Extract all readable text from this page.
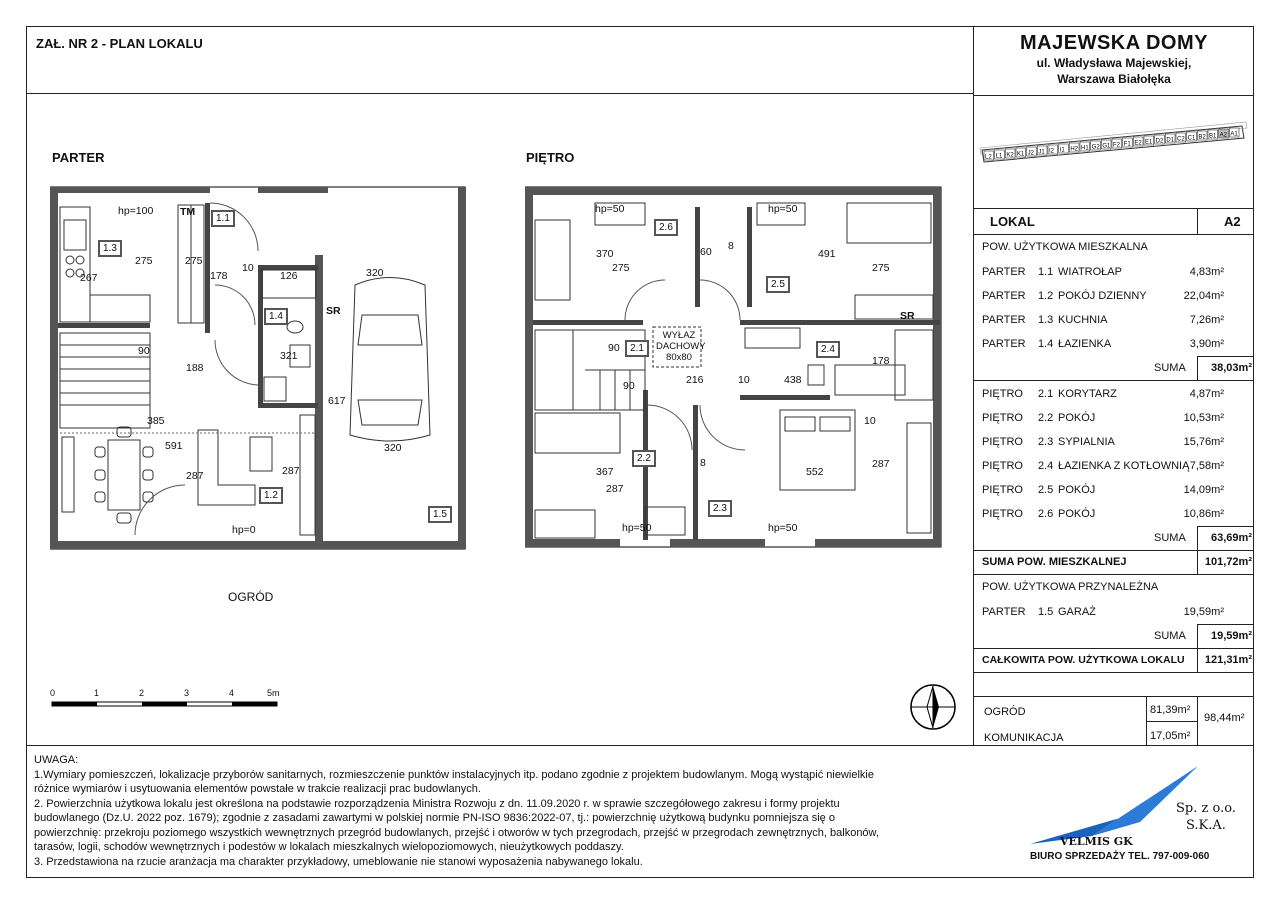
ZAŁ. NR 2 - PLAN LOKALU	MAJEWSKA DOMY
ul. Władysława Majewskiej,
Warszawa Białołęka
L2 L1 K2 K1 J2 J1 I2 I1 H2 H1 G2 G1 F2 F1 E2 E1 D2 D1 C2 C1 B2 B1 A2 A1
PARTER	PIĘTRO
hp=100	TM
267
275	275
178
10
126
90
188
321
385
591
287	287
617
320
320
SR
hp=0
1.1
1.2
1.3
1.4
1.5
OGRÓD
370
275
60 8
491
275
90
90	216	10	438
178
10
367
287
8
552
287
SR
hp=50	hp=50
hp=50	hp=50
WYŁAZ
DACHOWY
80x80
2.1
2.2
2.3
2.4
2.5
2.6
0	1	2	3	4	5m
LOKAL	A2
POW. UŻYTKOWA MIESZKALNA
PARTER	1.1 WIATROŁAP	4,83m²
PARTER	1.2 POKÓJ DZIENNY	22,04m²
PARTER	1.3 KUCHNIA	7,26m²
PARTER	1.4 ŁAZIENKA	3,90m²
SUMA 38,03m²
PIĘTRO	2.1 KORYTARZ	4,87m²
PIĘTRO	2.2 POKÓJ	10,53m²
PIĘTRO	2.3 SYPIALNIA	15,76m²
PIĘTRO	2.4 ŁAZIENKA Z KOTŁOWNIĄ 7,58m²
PIĘTRO	2.5 POKÓJ	14,09m²
PIĘTRO	2.6 POKÓJ	10,86m²
SUMA 63,69m²
SUMA POW. MIESZKALNEJ	101,72m²
POW. UŻYTKOWA PRZYNALEŻNA
PARTER	1.5 GARAŻ	19,59m²
SUMA 19,59m²
CAŁKOWITA POW. UŻYTKOWA LOKALU 121,31m²
OGRÓD	81,39m²
KOMUNIKACJA	17,05m²
98,44m²
UWAGA:
1.Wymiary pomieszczeń, lokalizacje przyborów sanitarnych, rozmieszczenie punktów instalacyjnych itp. podano zgodnie z projektem budowlanym. Mogą wystąpić niewielkie
różnice wymiarów i usytuowania elementów powstałe w trakcie realizacji prac budowlanych.
2. Powierzchnia użytkowa lokalu jest określona na podstawie rozporządzenia Ministra Rozwoju z dn. 11.09.2020 r. w sprawie szczegółowego zakresu i formy projektu
budowlanego (Dz.U. 2022 poz. 1679); zgodnie z zasadami zawartymi w polskiej normie PN-ISO 9836:2022-07, tj.: powierzchnię użytkową budynku pomniejsza się o
powierzchnię: przekroju poziomego wszystkich wewnętrznych przegród budowlanych, przejść i otworów w tych przegrodach, przejść w przegrodach zewnętrznych, balkonów,
tarasów, logii, schodów wewnętrznych i podestów w lokalach mieszkalnych wielopoziomowych, nieużytkowych poddaszy.
3. Przedstawiona na rzucie aranżacja ma charakter przykładowy, umeblowanie nie stanowi wyposażenia nabywanego lokalu.
VELMIS GK
Sp. z o.o.
S.K.A.
BIURO SPRZEDAŻY TEL. 797-009-060
